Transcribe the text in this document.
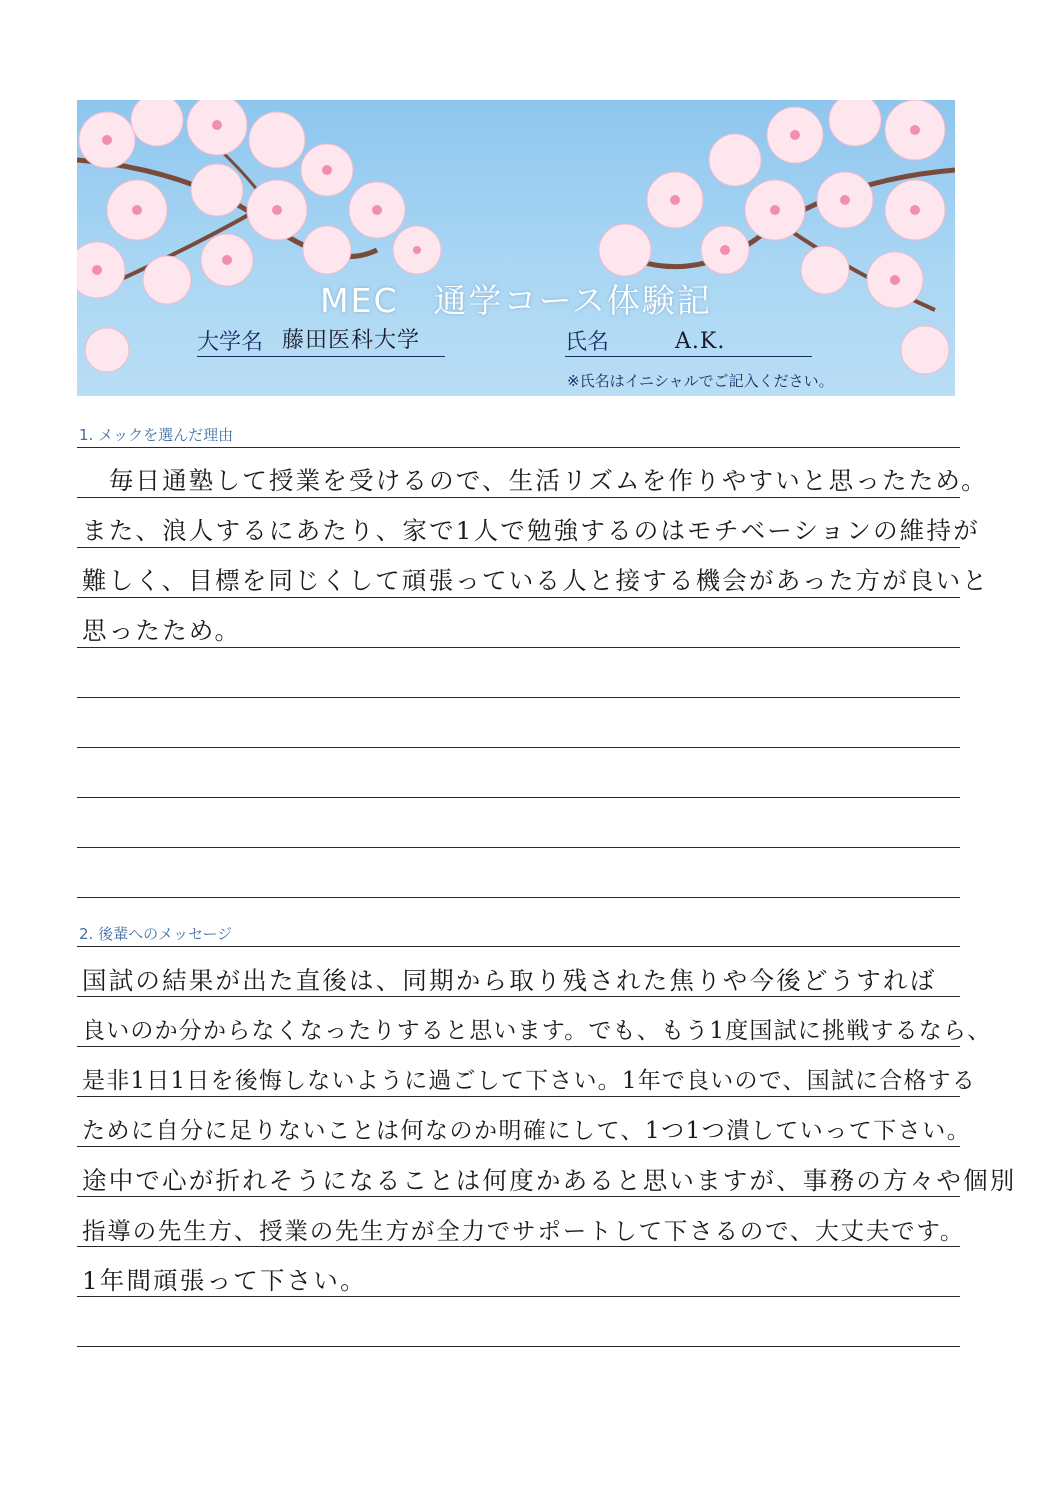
MEC　通学コース体験記
大学名 藤田医科大学	氏名	A.K.
※氏名はイニシャルでご記入ください。
1. メックを選んだ理由
　毎日通塾して授業を受けるので、生活リズムを作りやすいと思ったため。
また、浪人するにあたり、家で1人で勉強するのはモチベーションの維持が
難しく、目標を同じくして頑張っている人と接する機会があった方が良いと
思ったため。
2. 後輩へのメッセージ
国試の結果が出た直後は、同期から取り残された焦りや今後どうすれば
良いのか分からなくなったりすると思います。でも、もう1度国試に挑戦するなら、
是非1日1日を後悔しないように過ごして下さい。1年で良いので、国試に合格する
ために自分に足りないことは何なのか明確にして、1つ1つ潰していって下さい。
途中で心が折れそうになることは何度かあると思いますが、事務の方々や個別
指導の先生方、授業の先生方が全力でサポートして下さるので、大丈夫です。
1年間頑張って下さい。
